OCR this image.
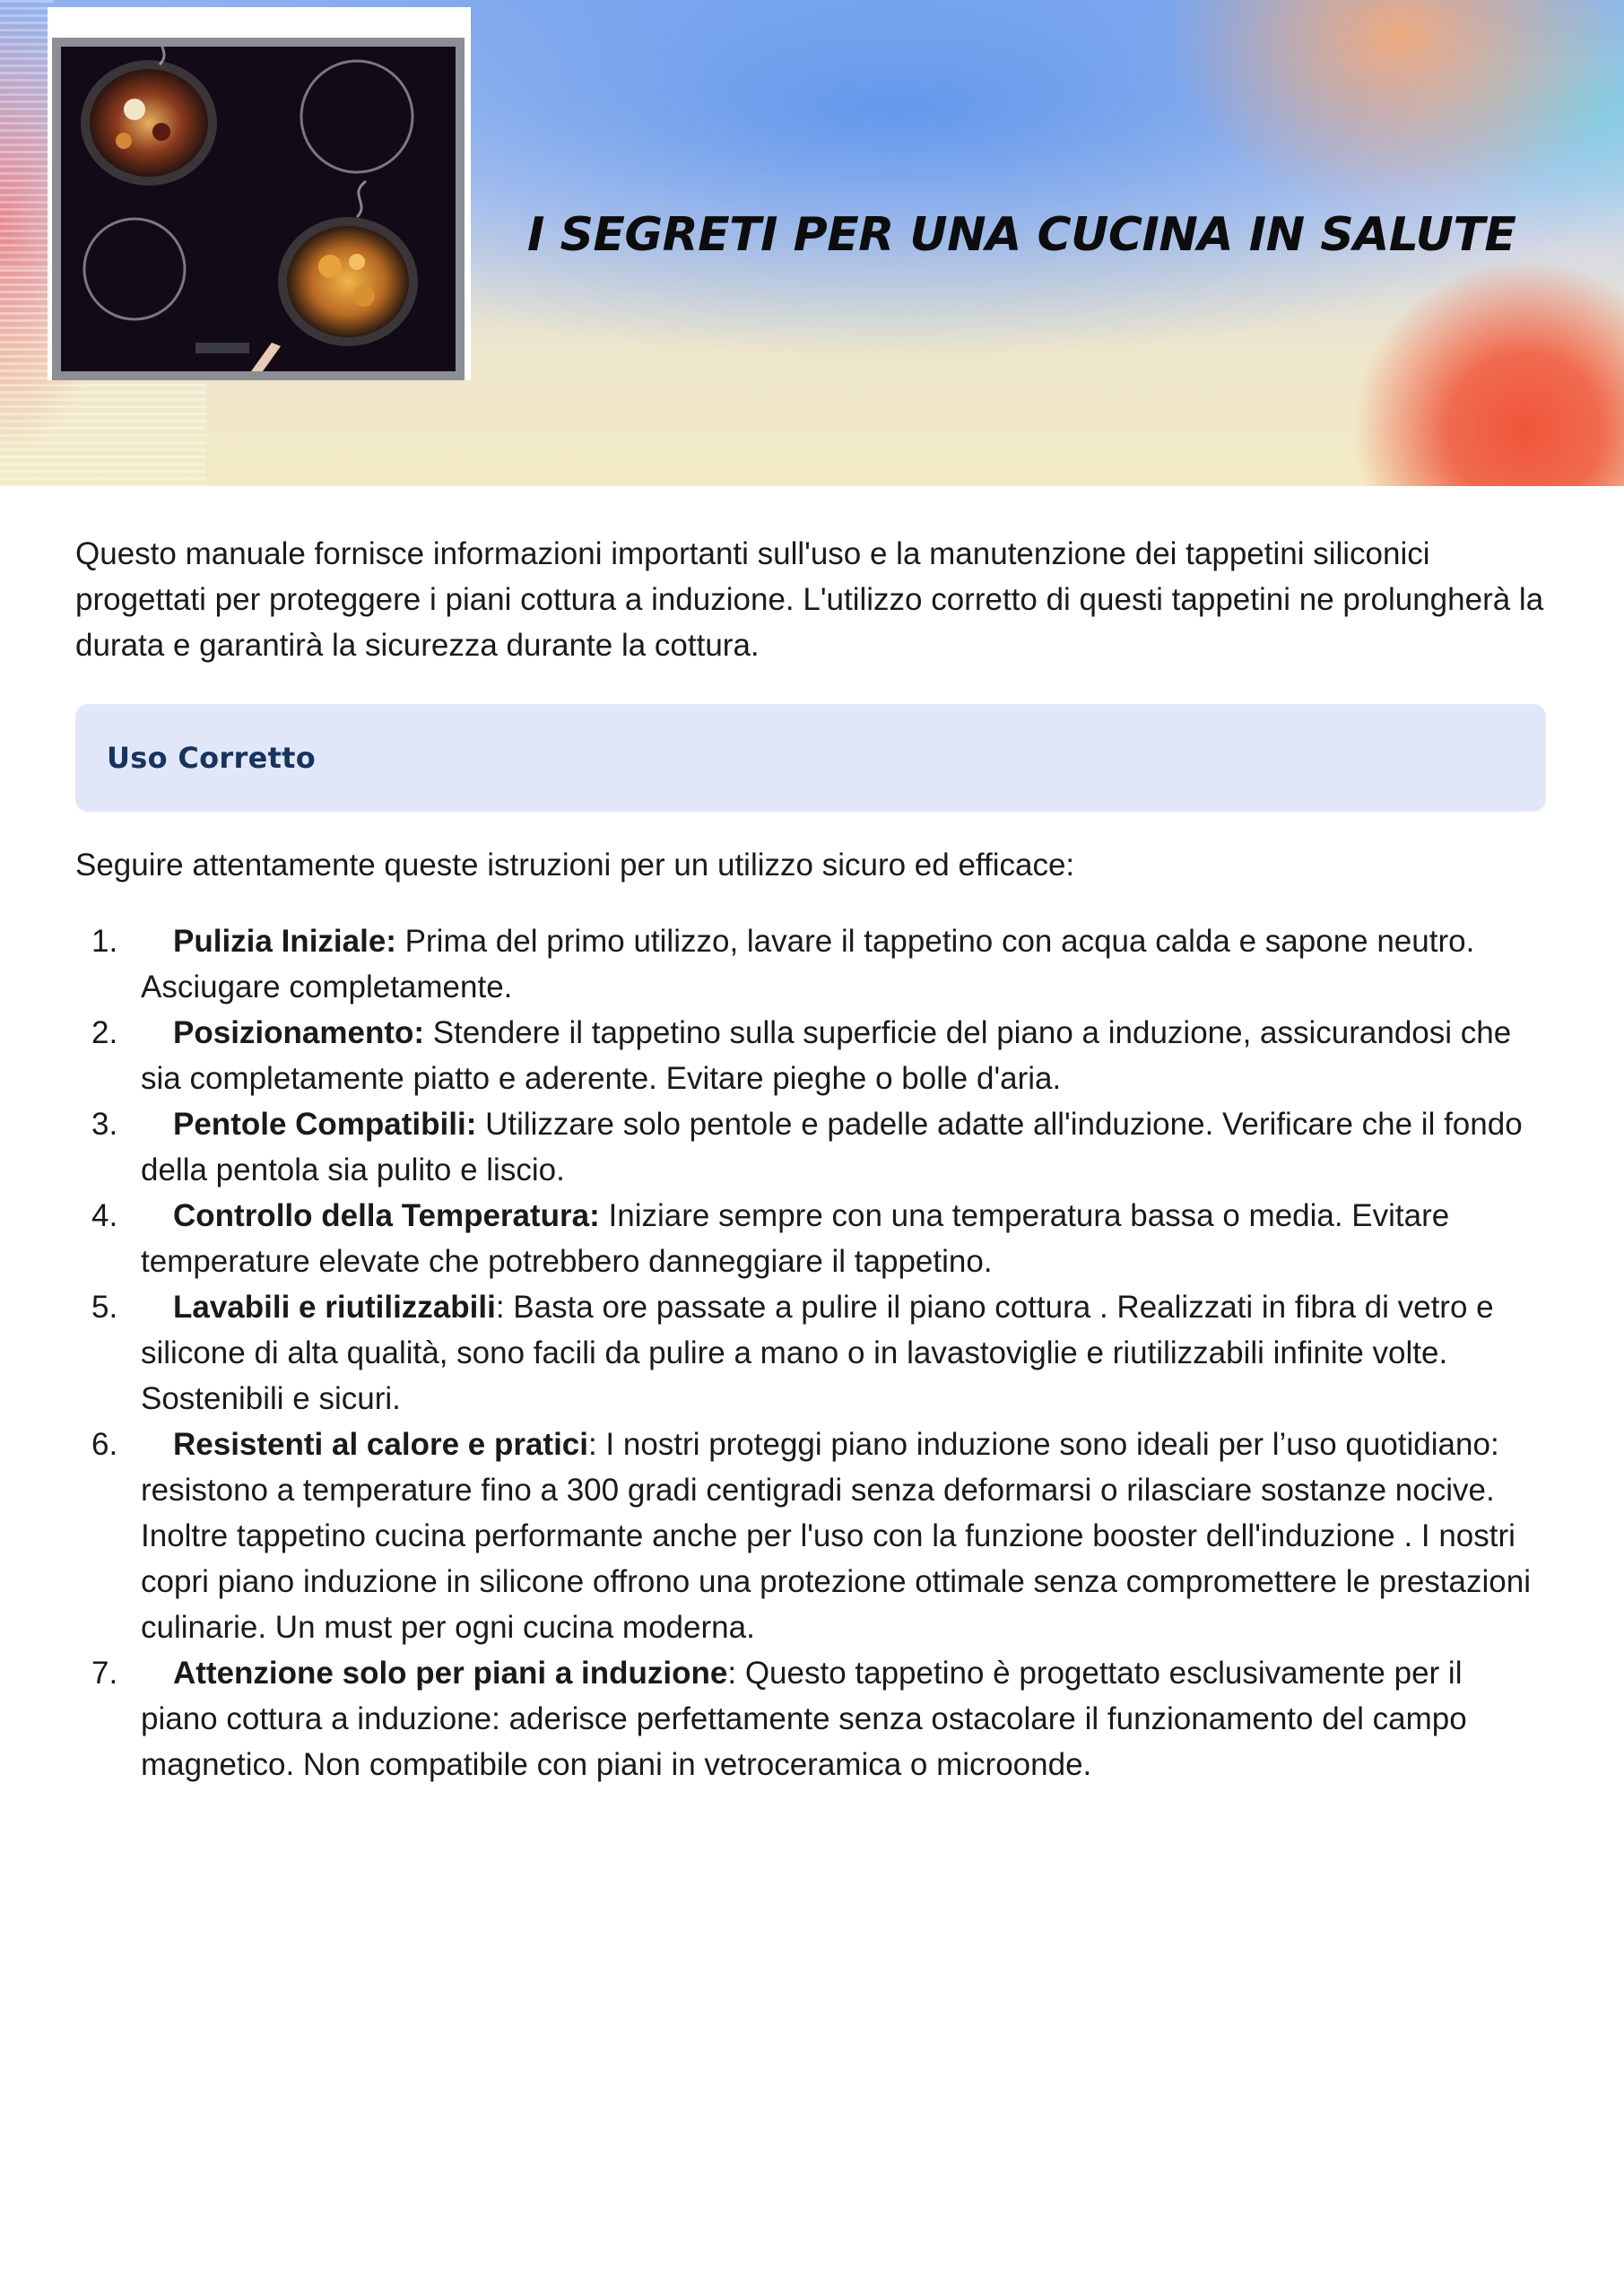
I SEGRETI PER UNA CUCINA IN SALUTE

Questo manuale fornisce informazioni importanti sull'uso e la manutenzione dei tappetini siliconici progettati per proteggere i piani cottura a induzione. L'utilizzo corretto di questi tappetini ne prolungherà la durata e garantirà la sicurezza durante la cottura.

Uso Corretto

Seguire attentamente queste istruzioni per un utilizzo sicuro ed efficace:

1. Pulizia Iniziale: Prima del primo utilizzo, lavare il tappetino con acqua calda e sapone neutro. Asciugare completamente.
2. Posizionamento: Stendere il tappetino sulla superficie del piano a induzione, assicurandosi che sia completamente piatto e aderente. Evitare pieghe o bolle d'aria.
3. Pentole Compatibili: Utilizzare solo pentole e padelle adatte all'induzione. Verificare che il fondo della pentola sia pulito e liscio.
4. Controllo della Temperatura: Iniziare sempre con una temperatura bassa o media. Evitare temperature elevate che potrebbero danneggiare il tappetino.
5. Lavabili e riutilizzabili: Basta ore passate a pulire il piano cottura . Realizzati in fibra di vetro e silicone di alta qualità, sono facili da pulire a mano o in lavastoviglie e riutilizzabili infinite volte. Sostenibili e sicuri.
6. Resistenti al calore e pratici: I nostri proteggi piano induzione sono ideali per l’uso quotidiano: resistono a temperature fino a 300 gradi centigradi senza deformarsi o rilasciare sostanze nocive. Inoltre tappetino cucina performante anche per l'uso con la funzione booster dell'induzione . I nostri copri piano induzione in silicone offrono una protezione ottimale senza compromettere le prestazioni culinarie. Un must per ogni cucina moderna.
7. Attenzione solo per piani a induzione: Questo tappetino è progettato esclusivamente per il piano cottura a induzione: aderisce perfettamente senza ostacolare il funzionamento del campo magnetico. Non compatibile con piani in vetroceramica o microonde.
